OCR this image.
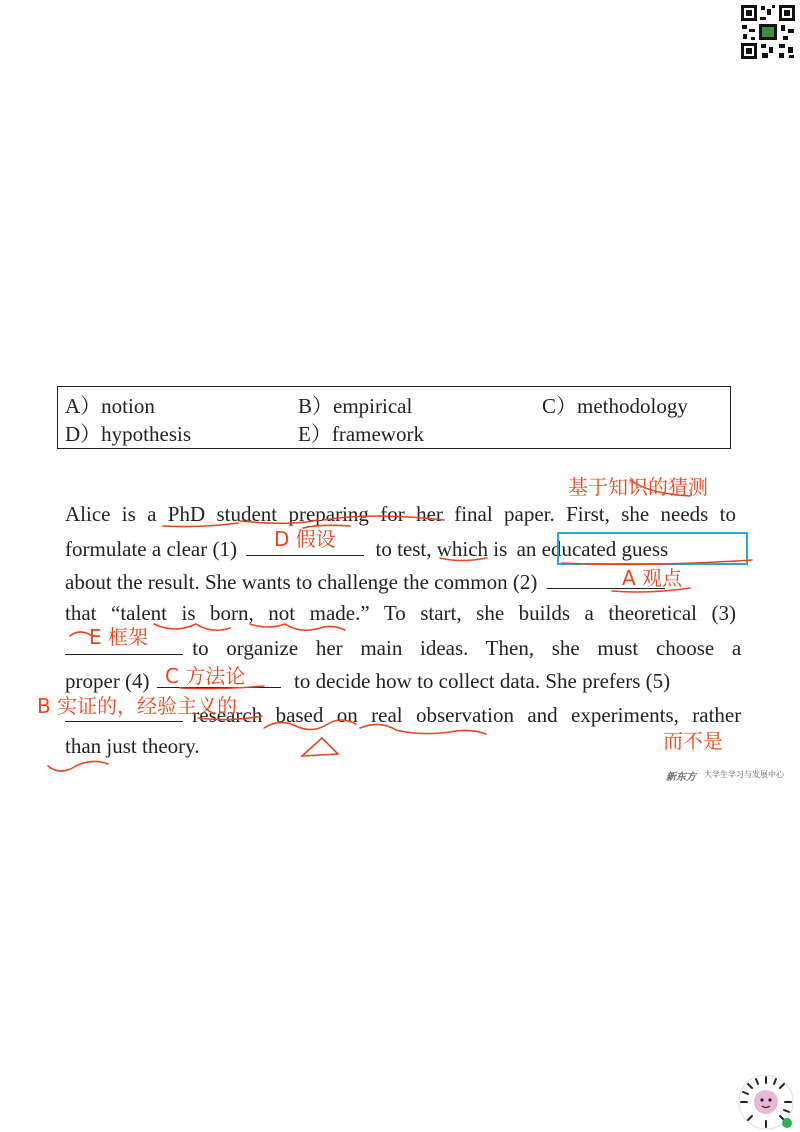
A）notion	B）empirical	C）methodology
D）hypothesis	E）framework
Alice is a PhD student preparing for her final paper. First, she needs to
formulate a clear (1)	to test, which is an educated guess
about the result. She wants to challenge the common (2)
that “talent is born, not made.” To start, she builds a theoretical (3)
to organize her main ideas. Then, she must choose a
proper (4)	to decide how to collect data. She prefers (5)
research based on real observation and experiments, rather
than just theory.
基于知识的猜测
D 假设
A 观点
E 框架
C 方法论
B 实证的，经验主义的
而不是
新东方 大学生学习与发展中心
